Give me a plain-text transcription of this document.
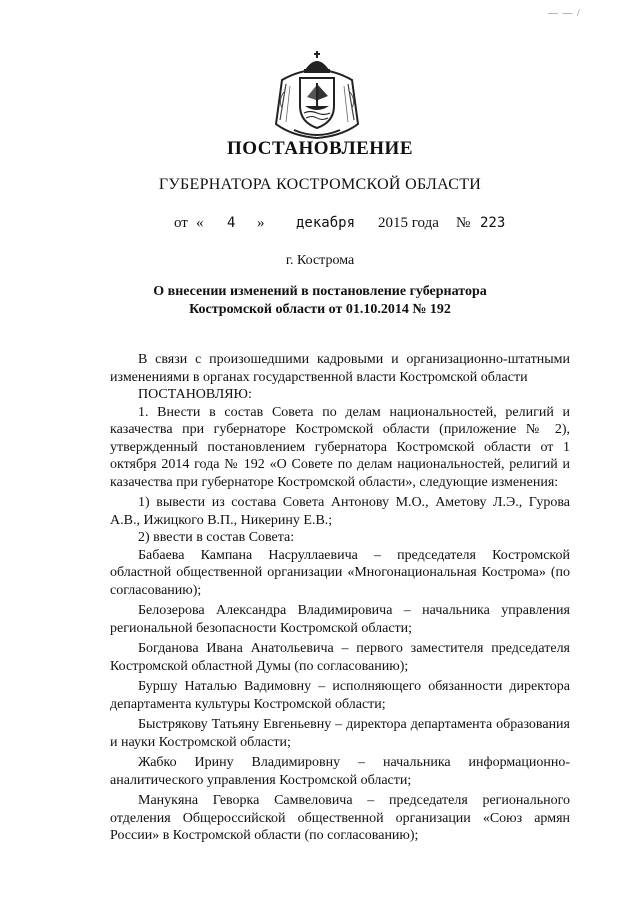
— — /
ПОСТАНОВЛЕНИЕ
ГУБЕРНАТОРА КОСТРОМСКОЙ ОБЛАСТИ
от « 4 » декабря 2015 года № 223
г. Кострома
О внесении изменений в постановление губернатора
Костромской области от 01.10.2014 № 192

В связи с произошедшими кадровыми и организационно-штатными изменениями в органах государственной власти Костромской области

ПОСТАНОВЛЯЮ:

1. Внести в состав Совета по делам национальностей, религий и казачества при губернаторе Костромской области (приложение № 2), утвержденный постановлением губернатора Костромской области от 1 октября 2014 года № 192 «О Совете по делам национальностей, религий и казачества при губернаторе Костромской области», следующие изменения:

1) вывести из состава Совета Антонову М.О., Аметову Л.Э., Гурова А.В., Ижицкого В.П., Никерину Е.В.;

2) ввести в состав Совета:

Бабаева Кампана Насруллаевича – председателя Костромской областной общественной организации «Многонациональная Кострома» (по согласованию);

Белозерова Александра Владимировича – начальника управления региональной безопасности Костромской области;

Богданова Ивана Анатольевича – первого заместителя председателя Костромской областной Думы (по согласованию);

Буршу Наталью Вадимовну – исполняющего обязанности директора департамента культуры Костромской области;

Быстрякову Татьяну Евгеньевну – директора департамента образования и науки Костромской области;

Жабко Ирину Владимировну – начальника информационно-аналитического управления Костромской области;

Манукяна Геворка Самвеловича – председателя регионального отделения Общероссийской общественной организации «Союз армян России» в Костромской области (по согласованию);
